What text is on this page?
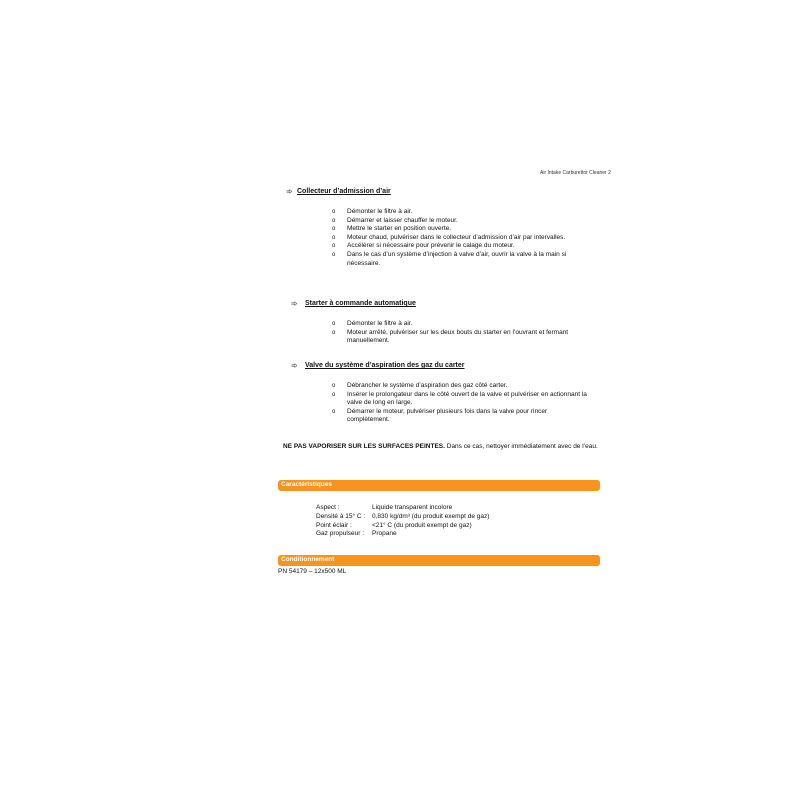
Air Intake Carburettor Cleaner 2
➾ Collecteur d’admission d’air
o Démonter le filtre à air.
o Démarrer et laisser chauffer le moteur.
o Mettre le starter en position ouverte.
o Moteur chaud, pulvériser dans le collecteur d’admission d’air par intervalles.
o Accélérer si nécessaire pour prévenir le calage du moteur.
o Dans le cas d’un système d’injection à valve d’air, ouvrir la valve à la main si nécessaire.
➾ Starter à commande automatique
o Démonter le filtre à air.
o Moteur arrêté, pulvériser sur les deux bouts du starter en l’ouvrant et fermant manuellement.
➾ Valve du système d’aspiration des gaz du carter
o Débrancher le système d’aspiration des gaz côté carter.
o Insérer le prolongateur dans le côté ouvert de la valve et pulvériser en actionnant la valve de long en large.
o Démarrer le moteur, pulvériser plusieurs fois dans la valve pour rincer complètement.
NE PAS VAPORISER SUR LES SURFACES PEINTES. Dans ce cas, nettoyer immédiatement avec de l’eau.
Caractéristiques
Aspect :	Liquide transparent incolore
Densité à 15° C : 0,830 kg/dm³ (du produit exempt de gaz)
Point éclair :	<21° C (du produit exempt de gaz)
Gaz propulseur : Propane
Conditionnement
PN 54179 – 12x500 ML
